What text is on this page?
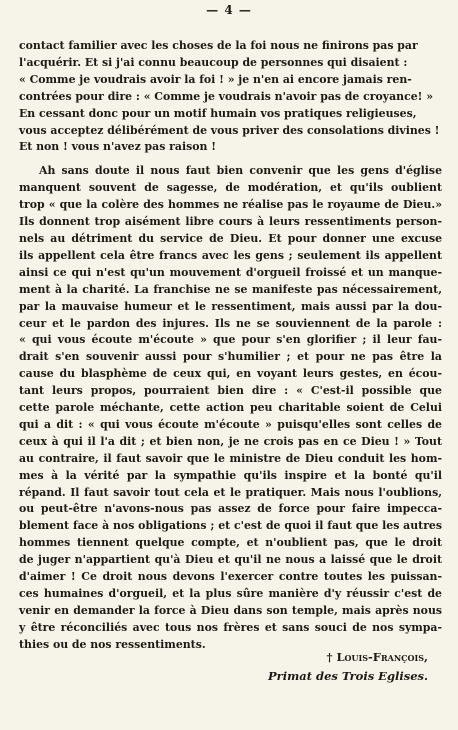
— 4 —

contact familier avec les choses de la foi nous ne finirons pas par
l'acquérir. Et si j'ai connu beaucoup de personnes qui disaient :
« Comme je voudrais avoir la foi ! » je n'en ai encore jamais ren-
contrées pour dire : « Comme je voudrais n'avoir pas de croyance! »
En cessant donc pour un motif humain vos pratiques religieuses,
vous acceptez délibérément de vous priver des consolations divines !
Et non ! vous n'avez pas raison !

Ah sans doute il nous faut bien convenir que les gens d'église
manquent souvent de sagesse, de modération, et qu'ils oublient
trop « que la colère des hommes ne réalise pas le royaume de Dieu.»
Ils donnent trop aisément libre cours à leurs ressentiments person-
nels au détriment du service de Dieu. Et pour donner une excuse
ils appellent cela être francs avec les gens ; seulement ils appellent
ainsi ce qui n'est qu'un mouvement d'orgueil froissé et un manque-
ment à la charité. La franchise ne se manifeste pas nécessairement,
par la mauvaise humeur et le ressentiment, mais aussi par la dou-
ceur et le pardon des injures. Ils ne se souviennent de la parole :
« qui vous écoute m'écoute » que pour s'en glorifier ; il leur fau-
drait s'en souvenir aussi pour s'humilier ; et pour ne pas être la
cause du blasphème de ceux qui, en voyant leurs gestes, en écou-
tant leurs propos, pourraient bien dire : « C'est-il possible que
cette parole méchante, cette action peu charitable soient de Celui
qui a dit : « qui vous écoute m'écoute » puisqu'elles sont celles de
ceux à qui il l'a dit ; et bien non, je ne crois pas en ce Dieu ! » Tout
au contraire, il faut savoir que le ministre de Dieu conduit les hom-
mes à la vérité par la sympathie qu'ils inspire et la bonté qu'il
répand. Il faut savoir tout cela et le pratiquer. Mais nous l'oublions,
ou peut-être n'avons-nous pas assez de force pour faire impecca-
blement face à nos obligations ; et c'est de quoi il faut que les autres
hommes tiennent quelque compte, et n'oublient pas, que le droit
de juger n'appartient qu'à Dieu et qu'il ne nous a laissé que le droit
d'aimer ! Ce droit nous devons l'exercer contre toutes les puissan-
ces humaines d'orgueil, et la plus sûre manière d'y réussir c'est de
venir en demander la force à Dieu dans son temple, mais après nous
y être réconciliés avec tous nos frères et sans souci de nos sympa-
thies ou de nos ressentiments.

† Louis-François,
Primat des Trois Eglises.
